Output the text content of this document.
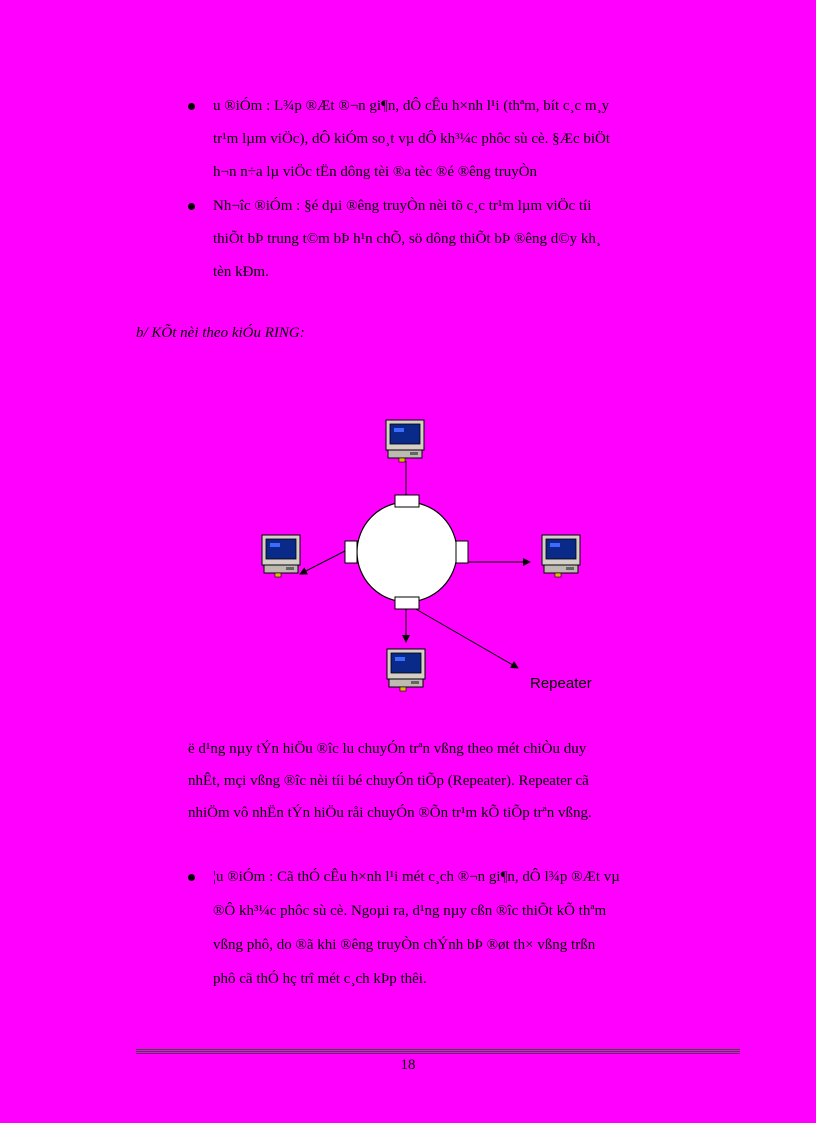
u ®iÓm : L¾p ®Æt ®¬n gi¶n, dÔ cÊu h×nh l¹i (thªm, bít c¸c m¸y
tr¹m lµm viÖc), dÔ kiÓm so¸t vµ dÔ kh³¼c phôc sù cè. §Æc biÖt
h¬n n÷a lµ viÖc tËn dông tèi ®a tèc ®é ®êng truyÒn
Nh¬îc ®iÓm : §é dµi ®êng truyÒn nèi tõ c¸c tr¹m lµm viÖc tíi
thiÕt bÞ trung t©m bÞ h¹n chÕ, sö dông thiÕt bÞ ®êng d©y kh¸
tèn kÐm.
b/ KÕt nèi theo kiÓu RING:
Repeater
ë d¹ng nµy tÝn hiÖu ®îc lu chuyÓn trªn vßng theo mét chiÒu duy
nhÊt, mçi vßng ®îc nèi tíi bé chuyÓn tiÕp (Repeater). Repeater cã
nhiÖm vô nhËn tÝn hiÖu råi chuyÓn ®Õn tr¹m kÕ tiÕp trªn vßng.
¦u ®iÓm : Cã thÓ cÊu h×nh l¹i mét c¸ch ®¬n gi¶n, dÔ l¾p ®Æt vµ
®Ô kh³¼c phôc sù cè. Ngoµi ra, d¹ng nµy cßn ®îc thiÕt kÕ thªm
vßng phô, do ®ã khi ®êng truyÒn chÝnh bÞ ®øt th× vßng trßn
phô cã thÓ hç trî mét c¸ch kÞp thêi.
18
